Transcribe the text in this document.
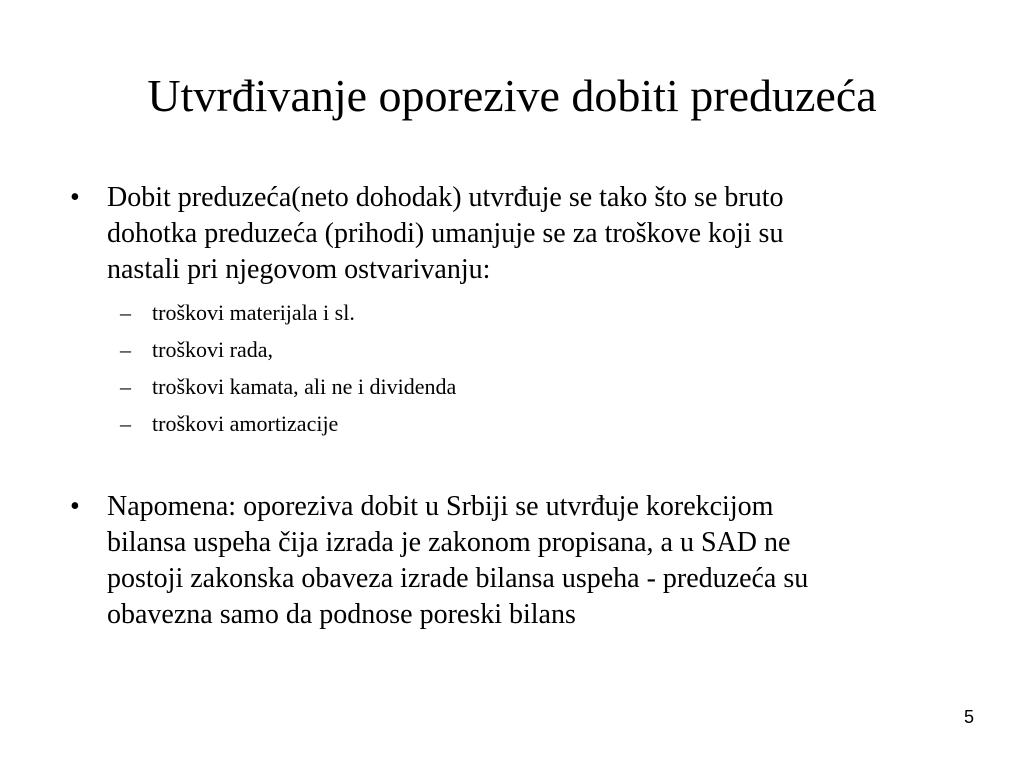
Utvrđivanje oporezive dobiti preduzeća
• Dobit preduzeća(neto dohodak) utvrđuje se tako što se bruto
dohotka preduzeća (prihodi) umanjuje se za troškove koji su
nastali pri njegovom ostvarivanju:
– troškovi materijala i sl.
– troškovi rada,
– troškovi kamata, ali ne i dividenda
– troškovi amortizacije
• Napomena: oporeziva dobit u Srbiji se utvrđuje korekcijom
bilansa uspeha čija izrada je zakonom propisana, a u SAD ne
postoji zakonska obaveza izrade bilansa uspeha - preduzeća su
obavezna samo da podnose poreski bilans
5
